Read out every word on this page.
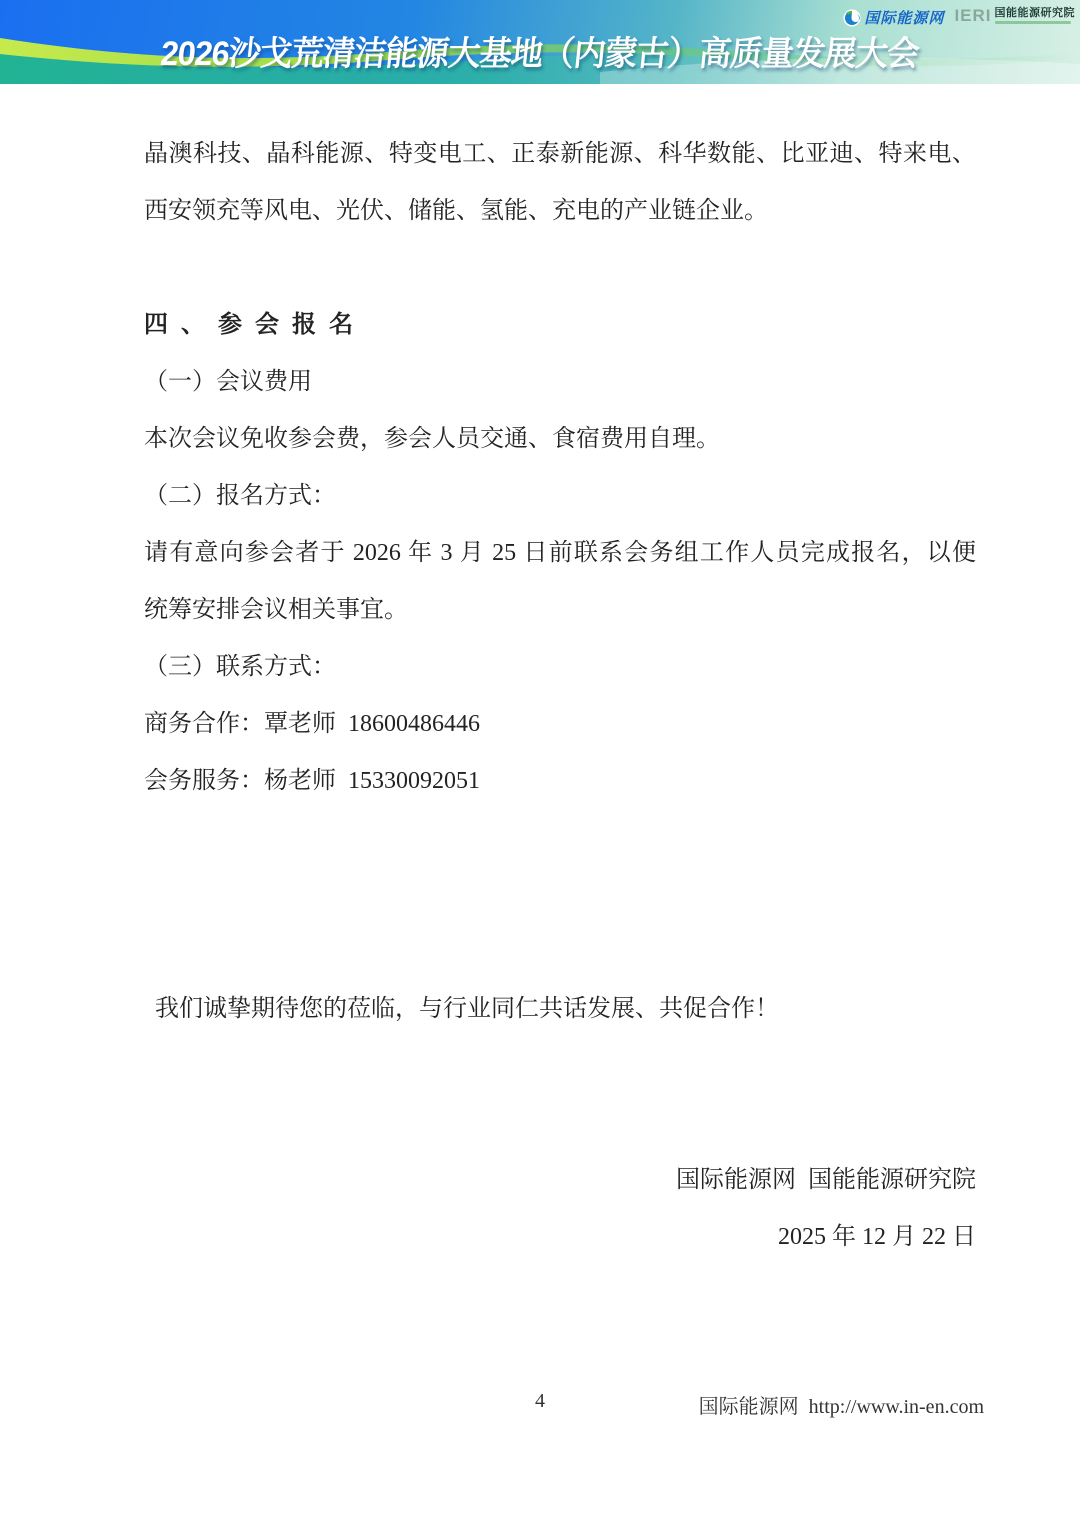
国际能源网 IERI 国能能源研究院
2026沙戈荒清洁能源大基地（内蒙古）高质量发展大会
晶澳科技、晶科能源、特变电工、正泰新能源、科华数能、比亚迪、特来电、
西安领充等风电、光伏、储能、氢能、充电的产业链企业。
四、参会报名
（一）会议费用
本次会议免收参会费，参会人员交通、食宿费用自理。
（二）报名方式：
请有意向参会者于 2026 年 3 月 25 日前联系会务组工作人员完成报名，以便
统筹安排会议相关事宜。
（三）联系方式：
商务合作：覃老师  18600486446
会务服务：杨老师  15330092051
我们诚挚期待您的莅临，与行业同仁共话发展、共促合作！
国际能源网  国能能源研究院
2025 年 12 月 22 日
4	国际能源网  http://www.in-en.com
